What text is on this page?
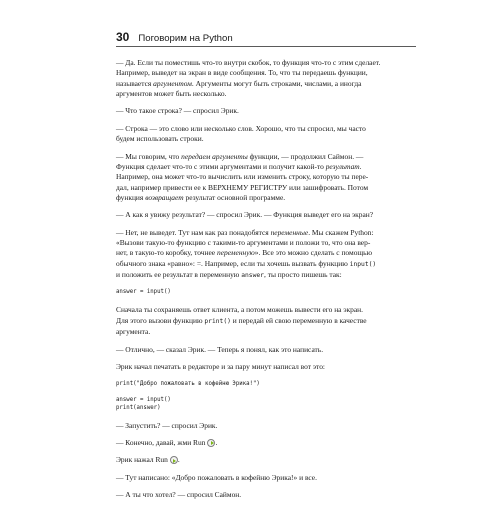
30 Поговорим на Python
— Да. Если ты поместишь что-то внутри скобок, то функция что-то с этим сделает.
Например, выведет на экран в виде сообщения. То, что ты передаешь функции,
называется аргументом. Аргументы могут быть строками, числами, а иногда
аргументов может быть несколько.
— Что такое строка? — спросил Эрик.
— Строка — это слово или несколько слов. Хорошо, что ты спросил, мы часто
будем использовать строки.
— Мы говорим, что передаем аргументы функции, — продолжил Саймон. —
Функция сделает что-то с этими аргументами и получит какой-то результат.
Например, она может что-то вычислить или изменить строку, которую ты пере-
дал, например привести ее к ВЕРХНЕМУ РЕГИСТРУ или зашифровать. Потом
функция возвращает результат основной программе.
— А как я увижу результат? — спросил Эрик. — Функция выведет его на экран?
— Нет, не выведет. Тут нам как раз понадобятся переменные. Мы скажем Python:
«Вызови такую-то функцию с такими-то аргументами и положи то, что она вер-
нет, в такую-то коробку, точнее переменную». Все это можно сделать с помощью
обычного знака «равно»: =. Например, если ты хочешь вызвать функцию input()
и положить ее результат в переменную answer, ты просто пишешь так:
answer = input()
Сначала ты сохраняешь ответ клиента, а потом можешь вывести его на экран.
Для этого вызови функцию print() и передай ей свою переменную в качестве
аргумента.
— Отлично, — сказал Эрик. — Теперь я понял, как это написать.
Эрик начал печатать в редакторе и за пару минут написал вот это:
print("Добро пожаловать в кофейню Эрика!")
answer = input()
print(answer)
— Запустить? — спросил Эрик.
— Конечно, давай, жми Run .
Эрик нажал Run .
— Тут написано: «Добро пожаловать в кофейню Эрика!» и все.
— А ты что хотел? — спросил Саймон.
